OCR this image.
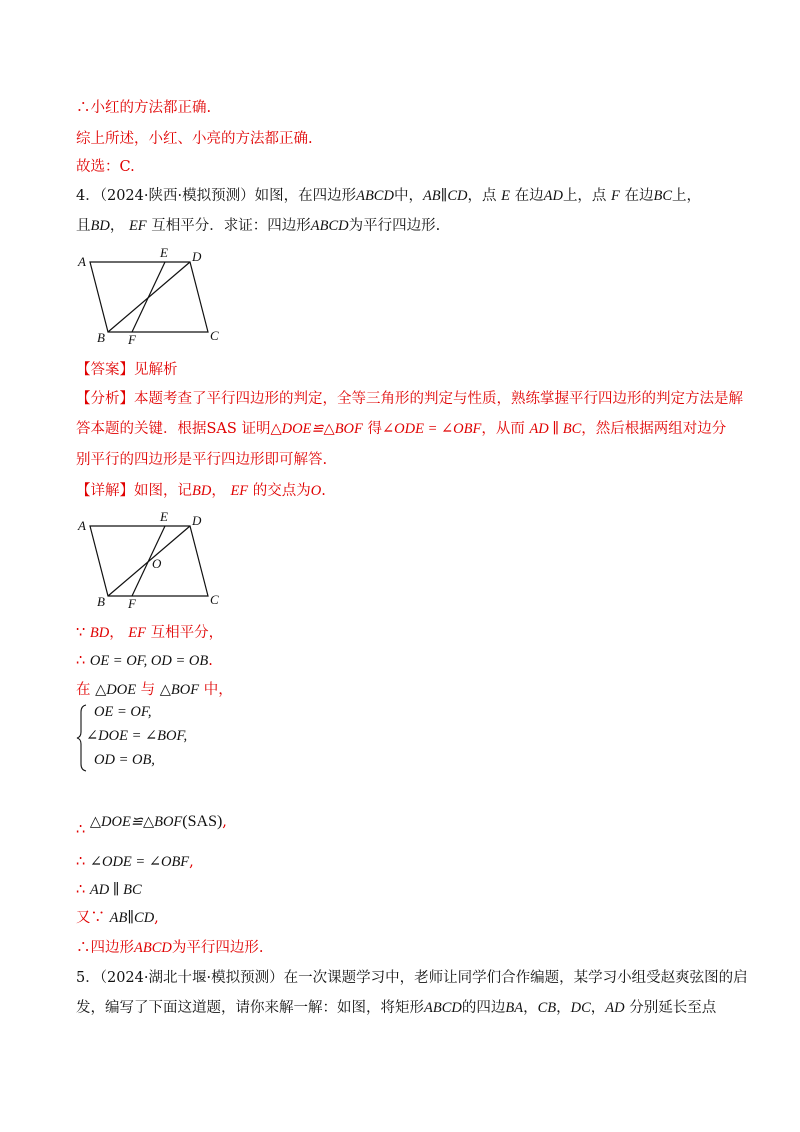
∴小红的方法都正确.
综上所述，小红、小亮的方法都正确.
故选：C.
4．（2024·陕西·模拟预测）如图，在四边形ABCD中，AB∥CD，点 E 在边AD上，点 F 在边BC上，
且BD， EF 互相平分．求证：四边形ABCD为平行四边形.
A
E D
B F	C
【答案】见解析
【分析】本题考查了平行四边形的判定，全等三角形的判定与性质，熟练掌握平行四边形的判定方法是解
答本题的关键．根据SAS 证明△DOE≌△BOF 得∠ODE = ∠OBF，从而 AD ∥ BC，然后根据两组对边分
别平行的四边形是平行四边形即可解答.
【详解】如图，记BD， EF 的交点为O.
A
E D
O
B F	C
∵ BD， EF 互相平分，
∴ OE = OF, OD = OB.
在 △DOE 与 △BOF 中，
OE = OF,
∠DOE = ∠BOF,
OD = OB,
∴ △DOE≌△BOF(SAS),
∴ ∠ODE = ∠OBF,
∴ AD ∥ BC
又∵ AB∥CD,
∴四边形ABCD为平行四边形.
5．（2024·湖北十堰·模拟预测）在一次课题学习中，老师让同学们合作编题，某学习小组受赵爽弦图的启
发，编写了下面这道题，请你来解一解：如图，将矩形ABCD的四边BA，CB，DC，AD 分别延长至点
